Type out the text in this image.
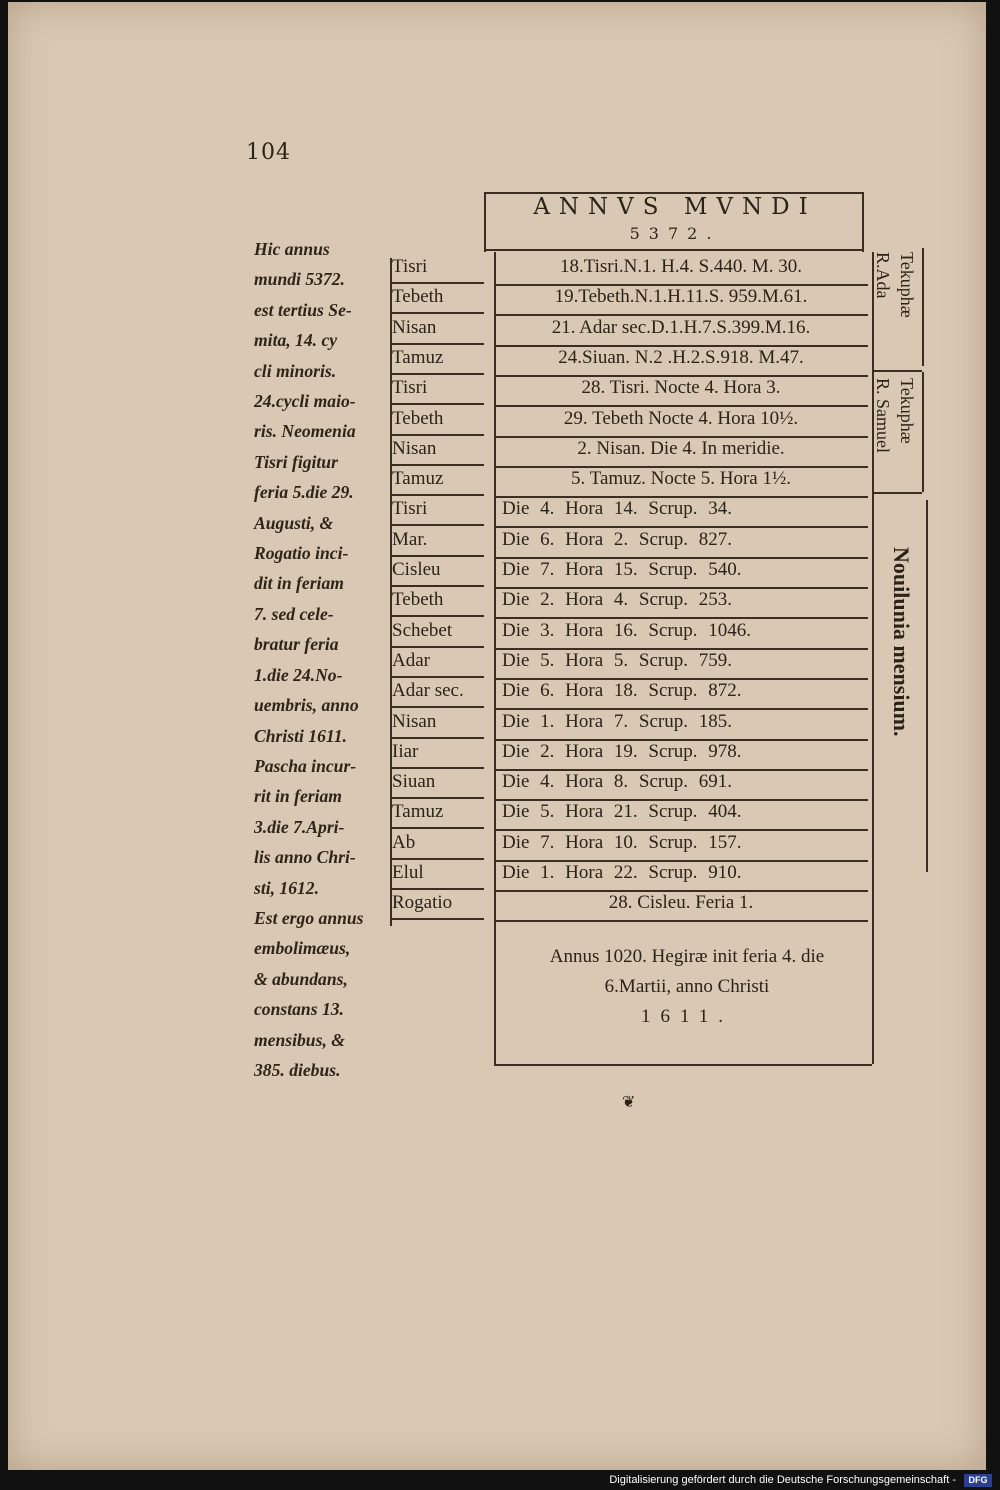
104
Hic annus
mundi 5372.
est tertius Se-
mita, 14. cy
cli minoris.
24.cycli maio-
ris. Neomenia
Tisri figitur
feria 5.die 29.
Augusti, &
Rogatio inci-
dit in feriam
7. sed cele-
bratur feria
1.die 24.No-
uembris, anno
Christi 1611.
Pascha incur-
rit in feriam
3.die 7.Apri-
lis anno Chri-
sti, 1612.
Est ergo annus
embolimæus,
& abundans,
constans 13.
mensibus, &
385. diebus.
ANNVS MVNDI
5372.
Tisri	18.Tisri.N.1. H.4. S.440. M. 30.
Tebeth	19.Tebeth.N.1.H.11.S. 959.M.61.
Nisan	21. Adar sec.D.1.H.7.S.399.M.16.
Tamuz	24.Siuan. N.2 .H.2.S.918. M.47.
Tisri	28. Tisri. Nocte 4. Hora 3.
Tebeth	29. Tebeth Nocte 4. Hora 10½.
Nisan	2. Nisan. Die 4. In meridie.
Tamuz	5. Tamuz. Nocte 5. Hora 1½.
Tisri	Die 4. Hora 14. Scrup. 34.
Mar.	Die 6. Hora 2. Scrup. 827.
Cisleu	Die 7. Hora 15. Scrup. 540.
Tebeth	Die 2. Hora 4. Scrup. 253.
Schebet	Die 3. Hora 16. Scrup. 1046.
Adar	Die 5. Hora 5. Scrup. 759.
Adar sec.	Die 6. Hora 18. Scrup. 872.
Nisan	Die 1. Hora 7. Scrup. 185.
Iiar	Die 2. Hora 19. Scrup. 978.
Siuan	Die 4. Hora 8. Scrup. 691.
Tamuz	Die 5. Hora 21. Scrup. 404.
Ab	Die 7. Hora 10. Scrup. 157.
Elul	Die 1. Hora 22. Scrup. 910.
Rogatio	28. Cisleu. Feria 1.
Tekuphæ
R.Ada
Tekuphæ
R. Samuel
Nouilunia mensium.
Annus 1020. Hegiræ init feria 4. die
6.Martii, anno Christi
1611.
❦
Digitalisierung gefördert durch die Deutsche Forschungsgemeinschaft -	DFG
